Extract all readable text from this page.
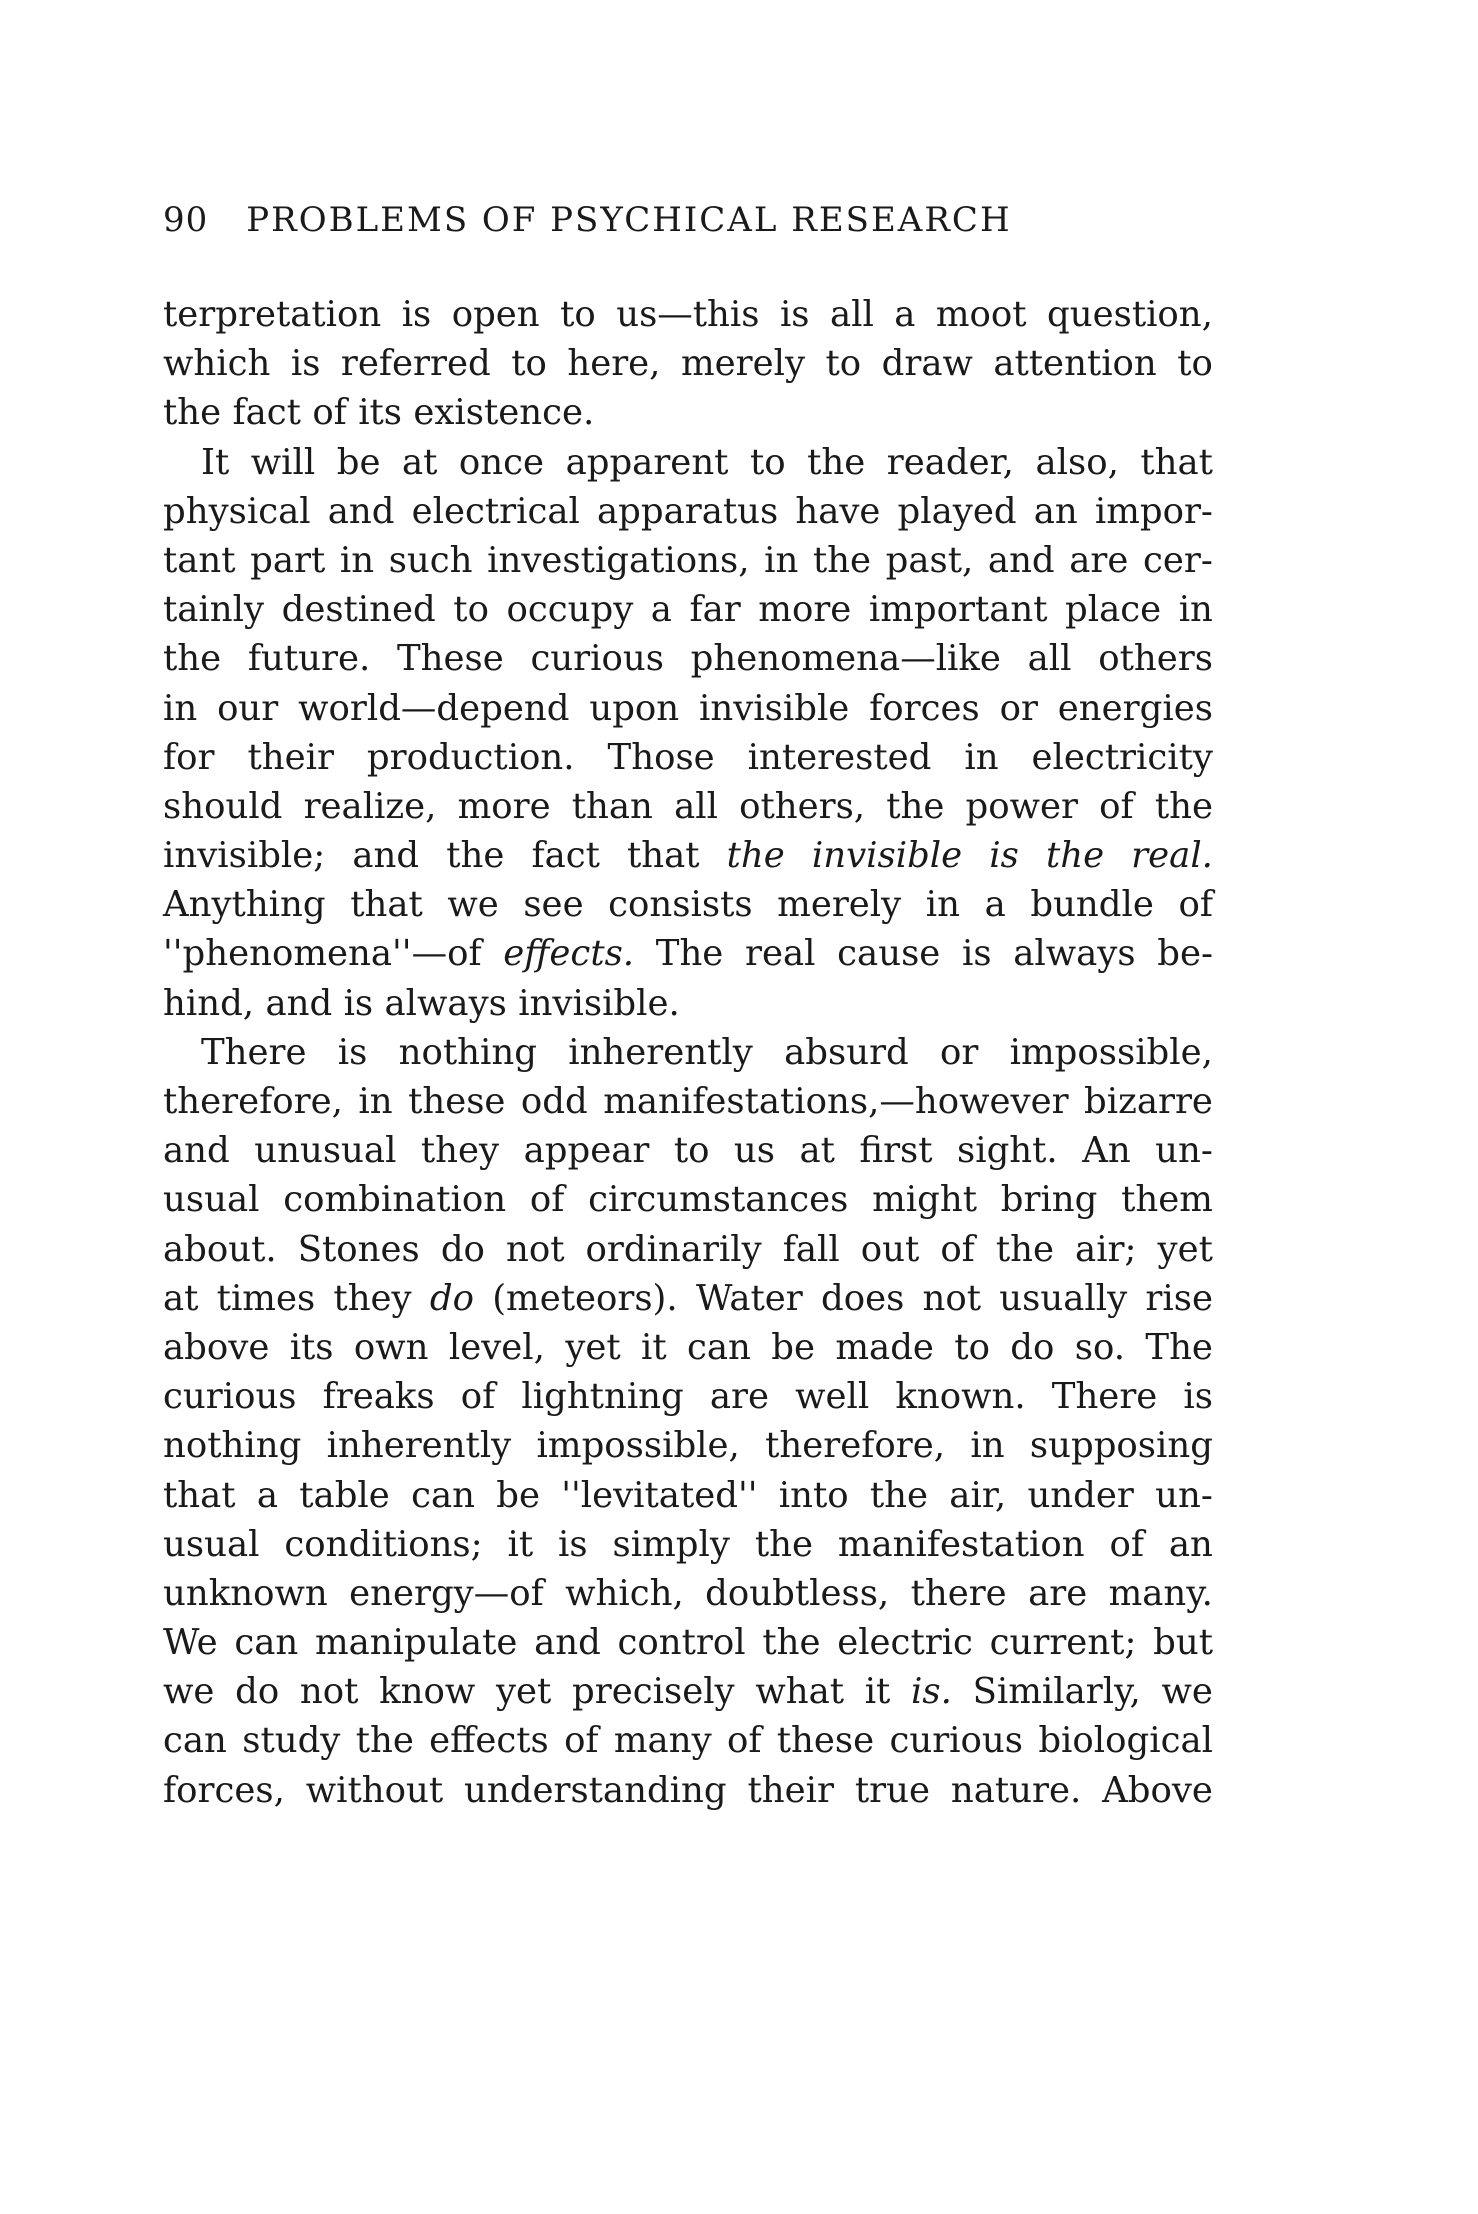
90 PROBLEMS OF PSYCHICAL RESEARCH
terpretation is open to us—this is all a moot question,
which is referred to here, merely to draw attention to
the fact of its existence.
It will be at once apparent to the reader, also, that
physical and electrical apparatus have played an impor-
tant part in such investigations, in the past, and are cer-
tainly destined to occupy a far more important place in
the future. These curious phenomena—like all others
in our world—depend upon invisible forces or energies
for their production. Those interested in electricity
should realize, more than all others, the power of the
invisible; and the fact that the invisible is the real.
Anything that we see consists merely in a bundle of
''phenomena''—of effects. The real cause is always be-
hind, and is always invisible.
There is nothing inherently absurd or impossible,
therefore, in these odd manifestations,—however bizarre
and unusual they appear to us at first sight. An un-
usual combination of circumstances might bring them
about. Stones do not ordinarily fall out of the air; yet
at times they do (meteors). Water does not usually rise
above its own level, yet it can be made to do so. The
curious freaks of lightning are well known. There is
nothing inherently impossible, therefore, in supposing
that a table can be ''levitated'' into the air, under un-
usual conditions; it is simply the manifestation of an
unknown energy—of which, doubtless, there are many.
We can manipulate and control the electric current; but
we do not know yet precisely what it is. Similarly, we
can study the effects of many of these curious biological
forces, without understanding their true nature. Above
